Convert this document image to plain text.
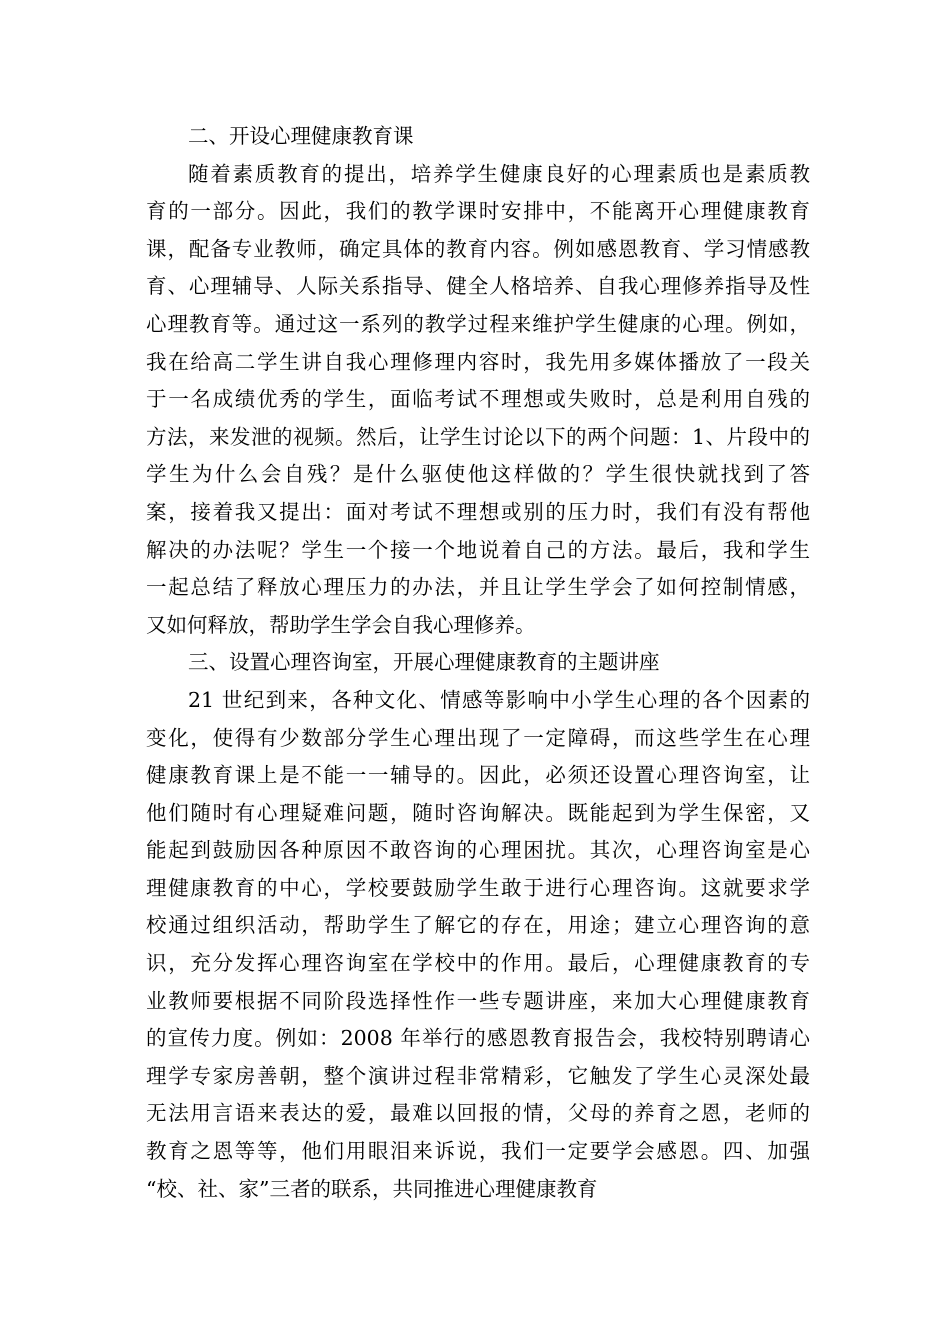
二、开设心理健康教育课
随着素质教育的提出，培养学生健康良好的心理素质也是素质教
育的一部分。因此，我们的教学课时安排中，不能离开心理健康教育
课，配备专业教师，确定具体的教育内容。例如感恩教育、学习情感教
育、心理辅导、人际关系指导、健全人格培养、自我心理修养指导及性
心理教育等。通过这一系列的教学过程来维护学生健康的心理。例如，
我在给高二学生讲自我心理修理内容时，我先用多媒体播放了一段关
于一名成绩优秀的学生，面临考试不理想或失败时，总是利用自残的
方法，来发泄的视频。然后，让学生讨论以下的两个问题：1、片段中的
学生为什么会自残？是什么驱使他这样做的？学生很快就找到了答
案，接着我又提出：面对考试不理想或别的压力时，我们有没有帮他
解决的办法呢？学生一个接一个地说着自己的方法。最后，我和学生
一起总结了释放心理压力的办法，并且让学生学会了如何控制情感，
又如何释放，帮助学生学会自我心理修养。
三、设置心理咨询室，开展心理健康教育的主题讲座
21 世纪到来，各种文化、情感等影响中小学生心理的各个因素的
变化，使得有少数部分学生心理出现了一定障碍，而这些学生在心理
健康教育课上是不能一一辅导的。因此，必须还设置心理咨询室，让
他们随时有心理疑难问题，随时咨询解决。既能起到为学生保密，又
能起到鼓励因各种原因不敢咨询的心理困扰。其次，心理咨询室是心
理健康教育的中心，学校要鼓励学生敢于进行心理咨询。这就要求学
校通过组织活动，帮助学生了解它的存在，用途；建立心理咨询的意
识，充分发挥心理咨询室在学校中的作用。最后，心理健康教育的专
业教师要根据不同阶段选择性作一些专题讲座，来加大心理健康教育
的宣传力度。例如：2008 年举行的感恩教育报告会，我校特别聘请心
理学专家房善朝，整个演讲过程非常精彩，它触发了学生心灵深处最
无法用言语来表达的爱，最难以回报的情，父母的养育之恩，老师的
教育之恩等等，他们用眼泪来诉说，我们一定要学会感恩。四、加强
“校、社、家”三者的联系，共同推进心理健康教育
